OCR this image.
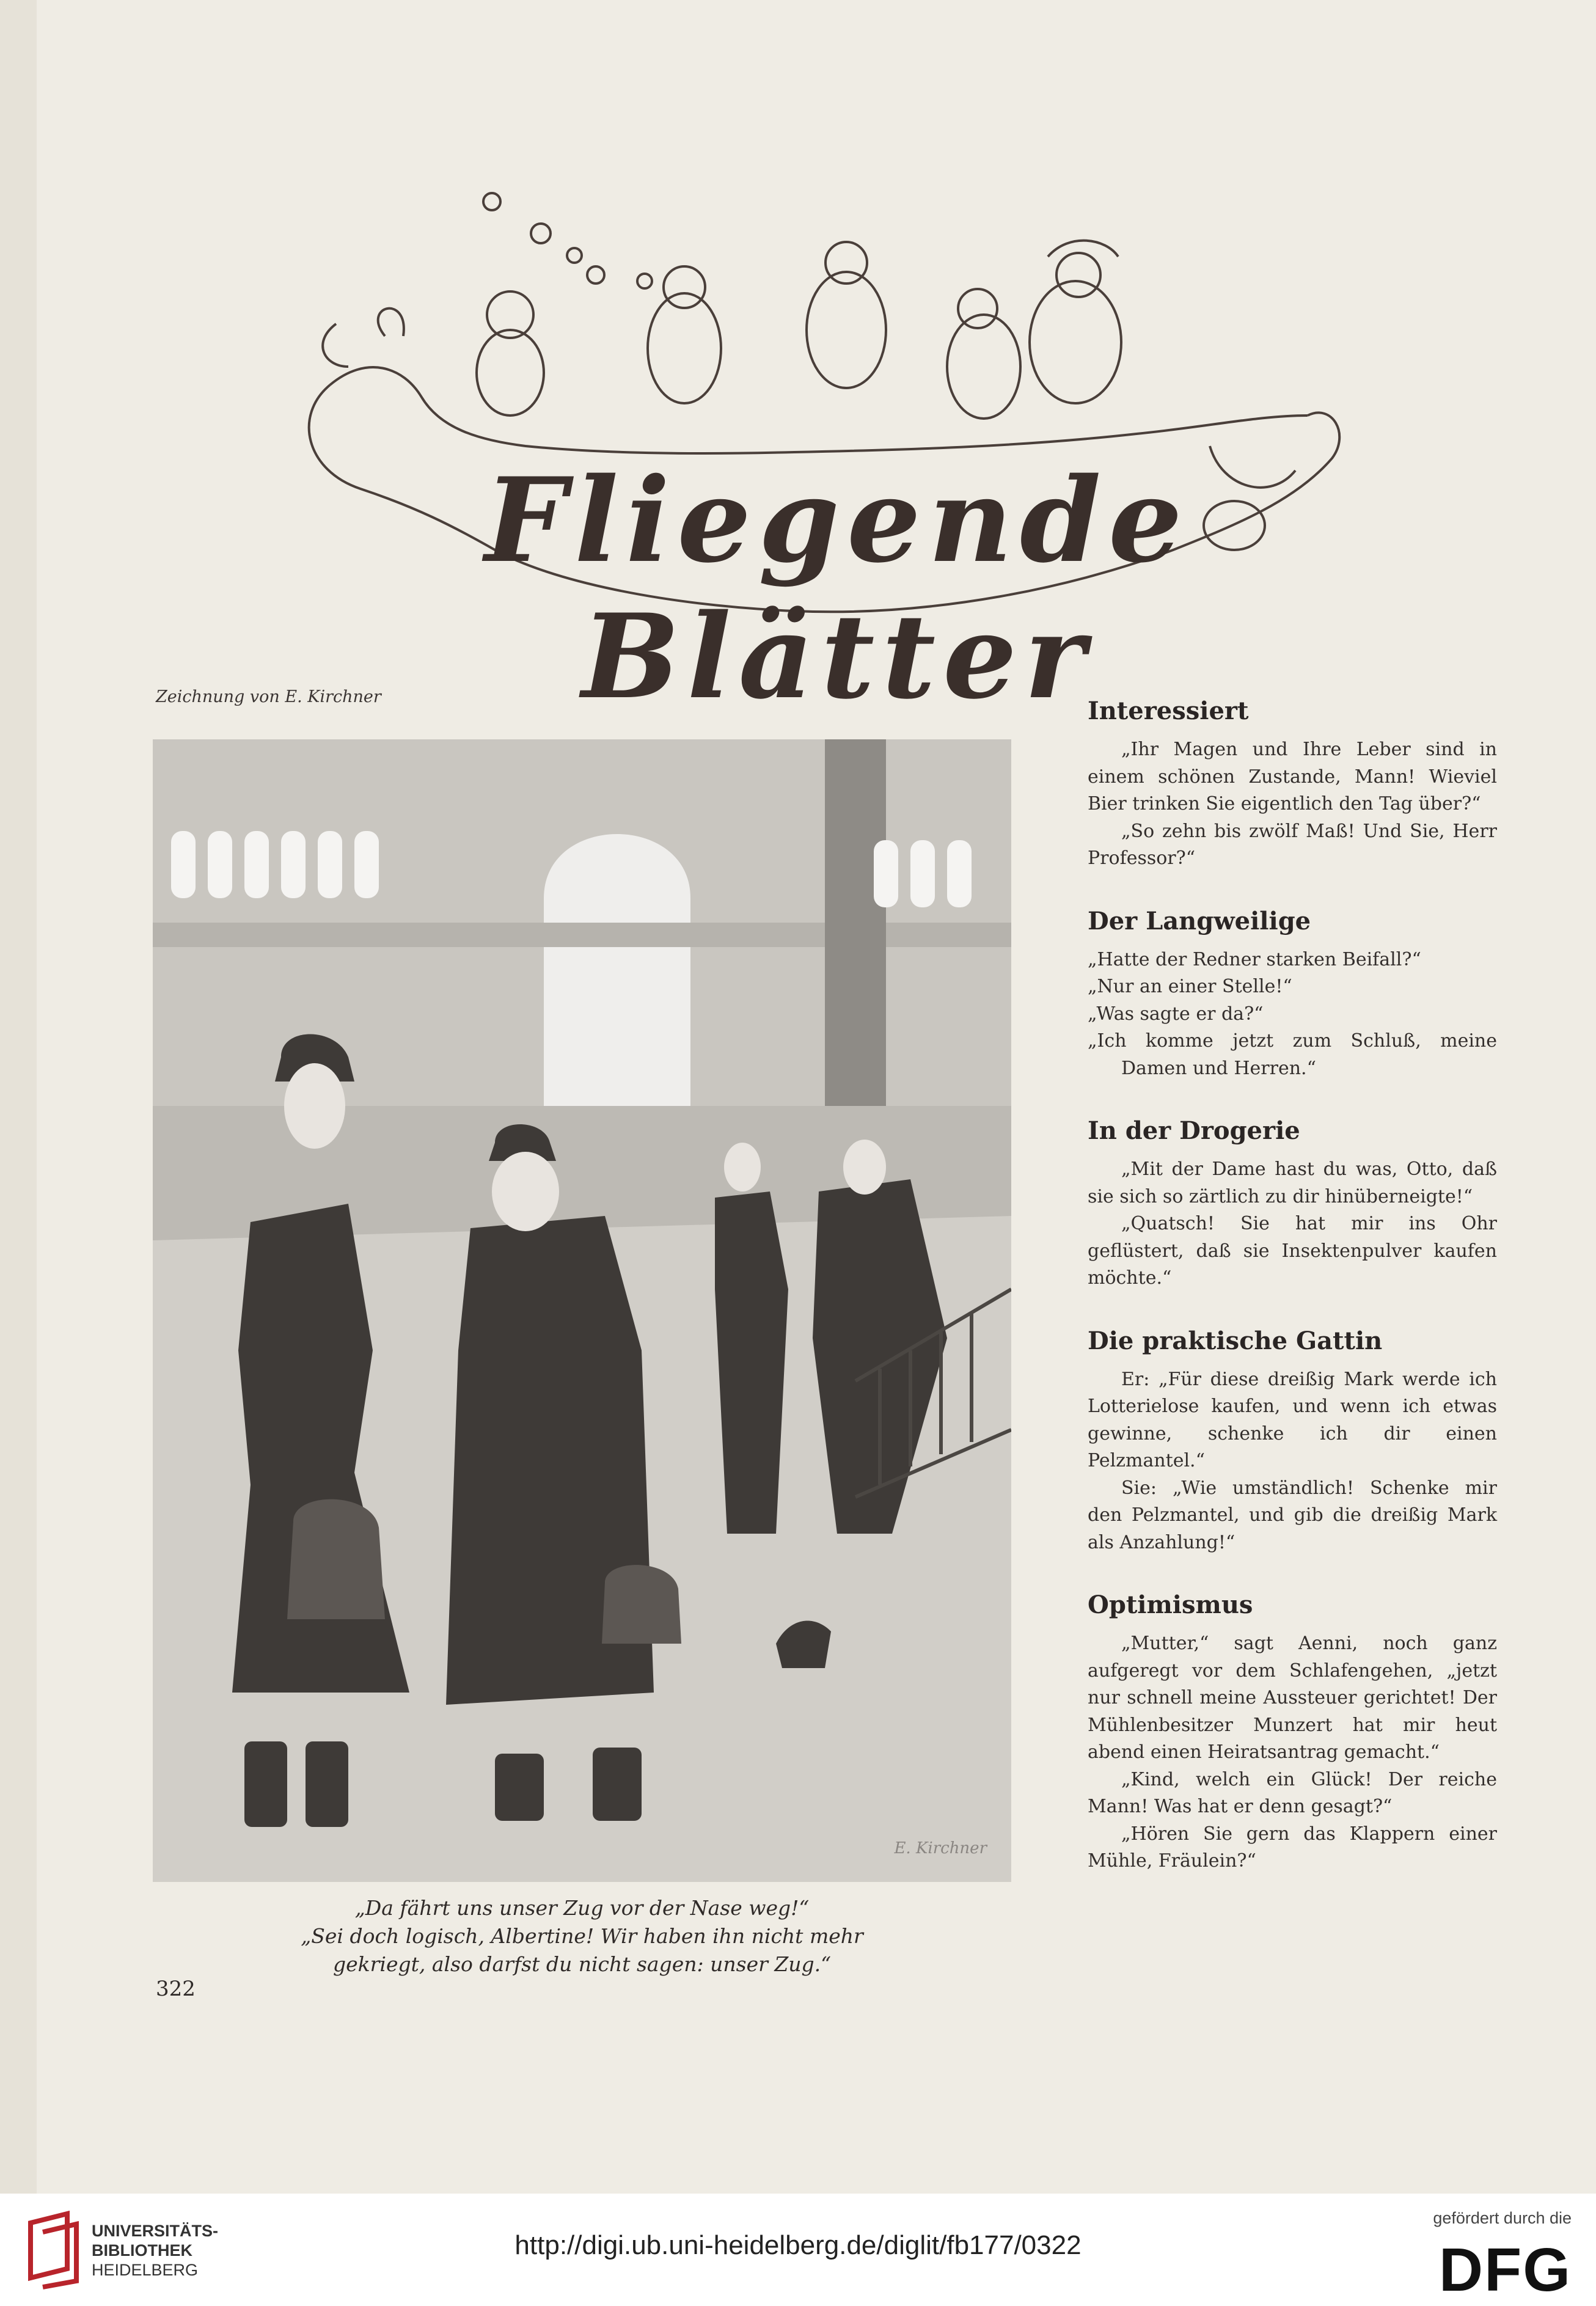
Fliegende Blätter
Zeichnung von E. Kirchner
E. Kirchner
„Da fährt uns unser Zug vor der Nase weg!“
„Sei doch logisch, Albertine! Wir haben ihn nicht mehr
gekriegt, also darfst du nicht sagen: unser Zug.“
322
Interessiert

„Ihr Magen und Ihre Leber sind in einem schönen Zustande, Mann! Wieviel Bier trinken Sie eigentlich den Tag über?“

„So zehn bis zwölf Maß! Und Sie, Herr Professor?“

Der Langweilige

„Hatte der Redner starken Beifall?“

„Nur an einer Stelle!“

„Was sagte er da?“

„Ich komme jetzt zum Schluß, meine Damen und Herren.“

In der Drogerie

„Mit der Dame hast du was, Otto, daß sie sich so zärtlich zu dir hinüberneigte!“

„Quatsch! Sie hat mir ins Ohr geflüstert, daß sie Insektenpulver kaufen möchte.“

Die praktische Gattin

Er: „Für diese dreißig Mark werde ich Lotterielose kaufen, und wenn ich etwas gewinne, schenke ich dir einen Pelzmantel.“

Sie: „Wie umständlich! Schenke mir den Pelzmantel, und gib die dreißig Mark als Anzahlung!“

Optimismus

„Mutter,“ sagt Aenni, noch ganz aufgeregt vor dem Schlafengehen, „jetzt nur schnell meine Aussteuer gerichtet! Der Mühlenbesitzer Munzert hat mir heut abend einen Heiratsantrag gemacht.“

„Kind, welch ein Glück! Der reiche Mann! Was hat er denn gesagt?“

„Hören Sie gern das Klappern einer Mühle, Fräulein?“

UNIVERSITÄTS-
BIBLIOTHEK
HEIDELBERG
http://digi.ub.uni-heidelberg.de/diglit/fb177/0322
gefördert durch die
DFG
